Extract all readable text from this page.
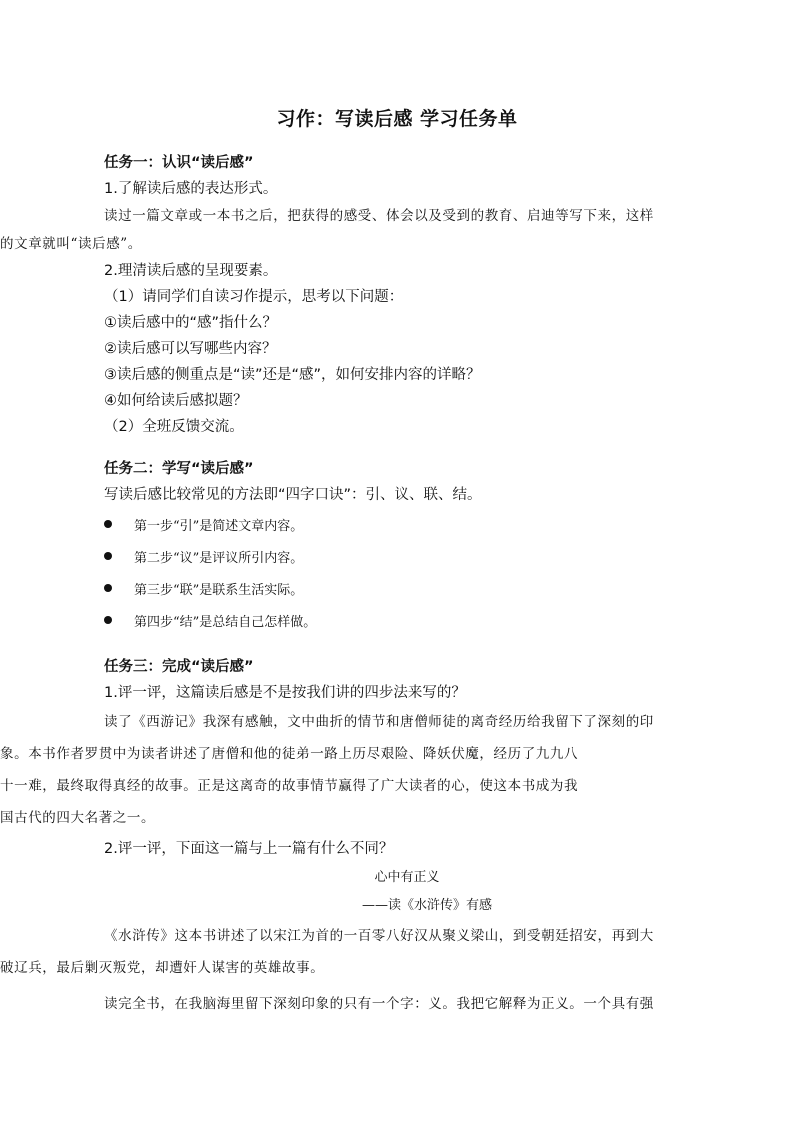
习作：写读后感 学习任务单
任务一：认识“读后感”
1.了解读后感的表达形式。
读过一篇文章或一本书之后，把获得的感受、体会以及受到的教育、启迪等写下来，这样
的文章就叫“读后感”。
2.理清读后感的呈现要素。
（1）请同学们自读习作提示，思考以下问题：
①读后感中的“感”指什么？
②读后感可以写哪些内容？
③读后感的侧重点是“读”还是“感”，如何安排内容的详略？
④如何给读后感拟题？
（2）全班反馈交流。
任务二：学写“读后感”
写读后感比较常见的方法即“四字口诀”：引、议、联、结。
第一步“引”是简述文章内容。
第二步“议”是评议所引内容。
第三步“联”是联系生活实际。
第四步“结”是总结自己怎样做。
任务三：完成“读后感”
1.评一评，这篇读后感是不是按我们讲的四步法来写的？
读了《西游记》我深有感触，文中曲折的情节和唐僧师徒的离奇经历给我留下了深刻的印
象。本书作者罗贯中为读者讲述了唐僧和他的徒弟一路上历尽艰险、降妖伏魔，经历了九九八
十一难，最终取得真经的故事。正是这离奇的故事情节赢得了广大读者的心，使这本书成为我
国古代的四大名著之一。
2.评一评，下面这一篇与上一篇有什么不同？
心中有正义
——读《水浒传》有感
《水浒传》这本书讲述了以宋江为首的一百零八好汉从聚义梁山，到受朝廷招安，再到大
破辽兵，最后剿灭叛党，却遭奸人谋害的英雄故事。
读完全书，在我脑海里留下深刻印象的只有一个字：义。我把它解释为正义。一个具有强
